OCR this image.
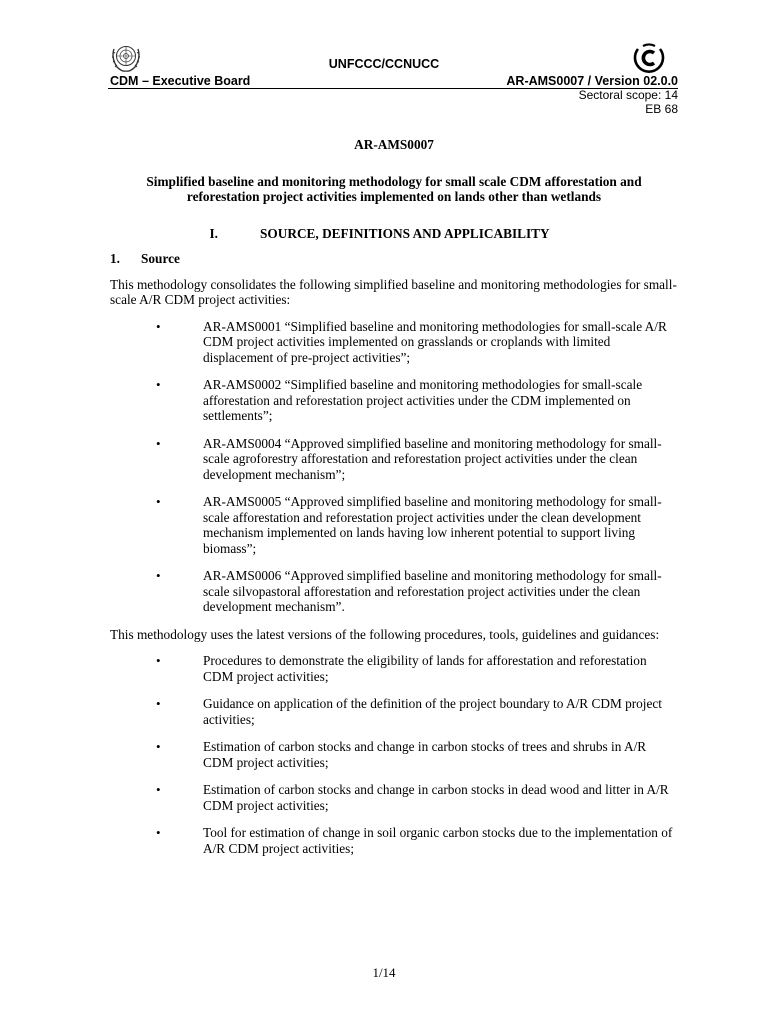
UNFCCC/CCNUCC
CDM – Executive Board	AR-AMS0007 / Version 02.0.0
Sectoral scope: 14
EB 68
AR-AMS0007
Simplified baseline and monitoring methodology for small scale CDM afforestation and reforestation project activities implemented on lands other than wetlands
I.	SOURCE, DEFINITIONS AND APPLICABILITY
1.	Source

This methodology consolidates the following simplified baseline and monitoring methodologies for small-scale A/R CDM project activities:

•	AR-AMS0001 “Simplified baseline and monitoring methodologies for small-scale A/R CDM project activities implemented on grasslands or croplands with limited displacement of pre-project activities”;
•	AR-AMS0002 “Simplified baseline and monitoring methodologies for small-scale afforestation and reforestation project activities under the CDM implemented on settlements”;
•	AR-AMS0004 “Approved simplified baseline and monitoring methodology for small-scale agroforestry afforestation and reforestation project activities under the clean development mechanism”;
•	AR-AMS0005 “Approved simplified baseline and monitoring methodology for small-scale afforestation and reforestation project activities under the clean development mechanism implemented on lands having low inherent potential to support living biomass”;
•	AR-AMS0006 “Approved simplified baseline and monitoring methodology for small-scale silvopastoral afforestation and reforestation project activities under the clean development mechanism”.

This methodology uses the latest versions of the following procedures, tools, guidelines and guidances:

•	Procedures to demonstrate the eligibility of lands for afforestation and reforestation CDM project activities;
•	Guidance on application of the definition of the project boundary to A/R CDM project activities;
•	Estimation of carbon stocks and change in carbon stocks of trees and shrubs in A/R CDM project activities;
•	Estimation of carbon stocks and change in carbon stocks in dead wood and litter in A/R CDM project activities;
•	Tool for estimation of change in soil organic carbon stocks due to the implementation of A/R CDM project activities;
1/14
